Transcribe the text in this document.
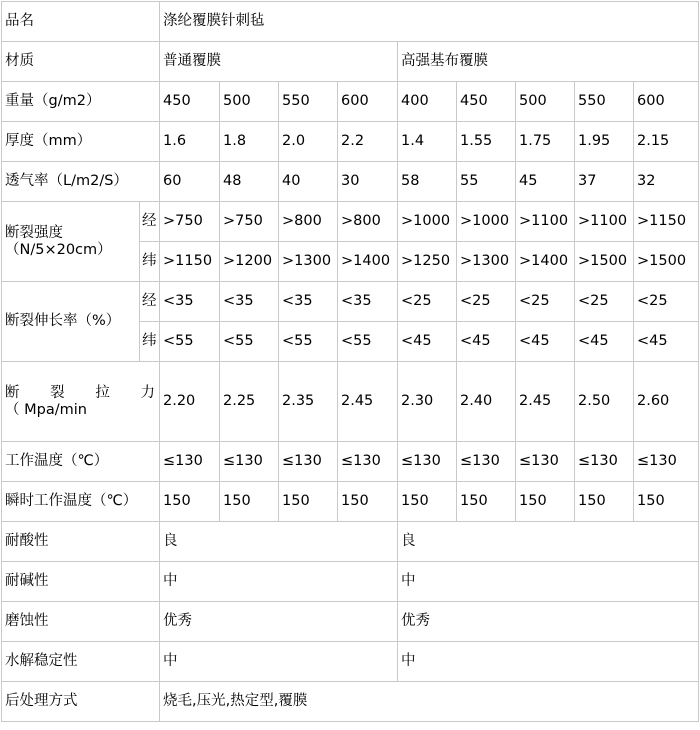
品名		涤纶覆膜针刺毡								
材质		普通覆膜				高强基布覆膜				
重量（g/m2）		450	500	550	600	400	450	500	550	600
厚度（mm）		1.6	1.8	2.0	2.2	1.4	1.55	1.75	1.95	2.15
透气率（L/m2/S）		60	48	40	30	58	55	45	37	32

断裂强度
（N/5×20cm）	经	>750	>750	>800	>800	>1000	>1000	>1100	>1100	>1150
	纬	>1150	>1200	>1300	>1400	>1250	>1300	>1400	>1500	>1500
断裂伸长率（%）	经	<35	<35	<35	<35	<25	<25	<25	<25	<25
	纬	<55	<55	<55	<55	<45	<45	<45	<45	<45

断裂拉力
（ Mpa/min		2.20	2.25	2.35	2.45	2.30	2.40	2.45	2.50	2.60
工作温度（℃）		≤130	≤130	≤130	≤130	≤130	≤130	≤130	≤130	≤130
瞬时工作温度（℃）		150	150	150	150	150	150	150	150	150
耐酸性		良				良				
耐碱性		中				中				
磨蚀性		优秀				优秀				
水解稳定性		中				中				
后处理方式		烧毛,压光,热定型,覆膜								
